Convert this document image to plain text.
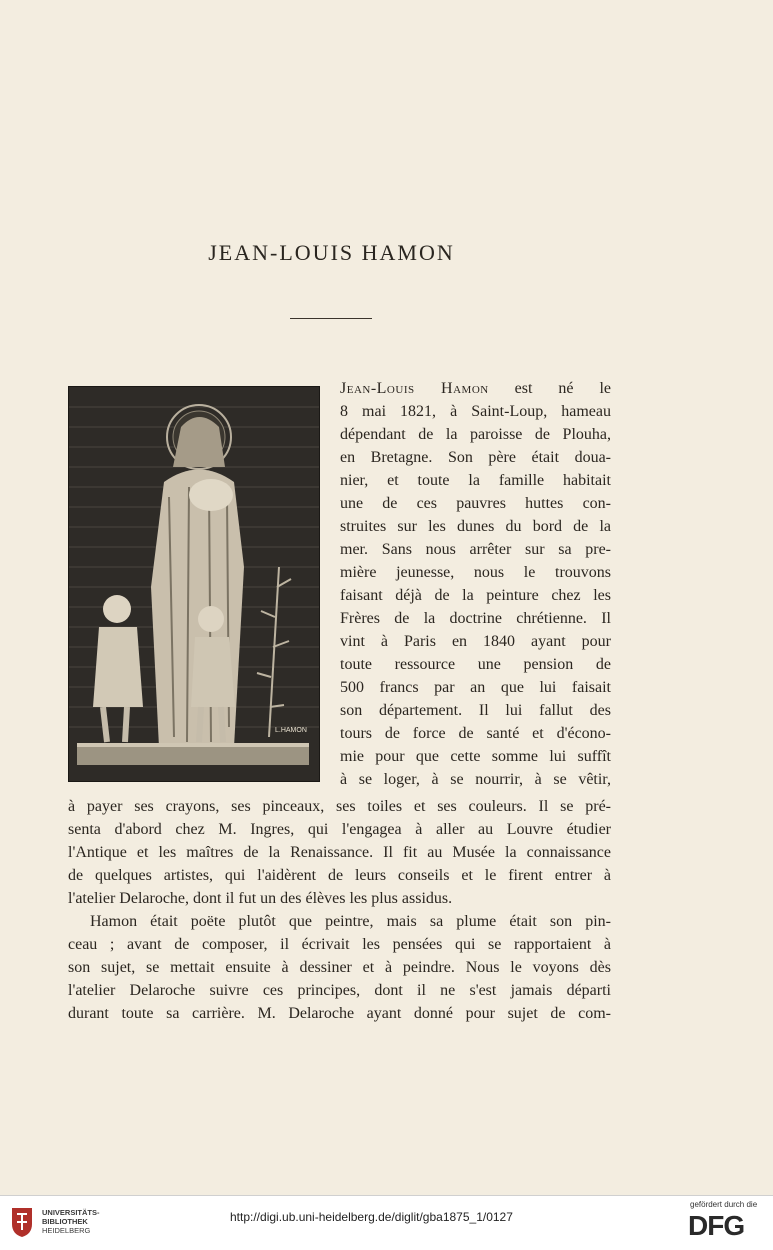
JEAN-LOUIS HAMON
L.HAMON
Jean-Louis Hamon est né le
8 mai 1821, à Saint-Loup, hameau
dépendant de la paroisse de Plouha,
en Bretagne. Son père était doua-
nier, et toute la famille habitait
une de ces pauvres huttes con-
struites sur les dunes du bord de la
mer. Sans nous arrêter sur sa pre-
mière jeunesse, nous le trouvons
faisant déjà de la peinture chez les
Frères de la doctrine chrétienne. Il
vint à Paris en 1840 ayant pour
toute ressource une pension de
500 francs par an que lui faisait
son département. Il lui fallut des
tours de force de santé et d'écono-
mie pour que cette somme lui suffît
à se loger, à se nourrir, à se vêtir,
à payer ses crayons, ses pinceaux, ses toiles et ses couleurs. Il se pré-
senta d'abord chez M. Ingres, qui l'engagea à aller au Louvre étudier
l'Antique et les maîtres de la Renaissance. Il fit au Musée la connaissance
de quelques artistes, qui l'aidèrent de leurs conseils et le firent entrer à
l'atelier Delaroche, dont il fut un des élèves les plus assidus.
Hamon était poëte plutôt que peintre, mais sa plume était son pin-
ceau ; avant de composer, il écrivait les pensées qui se rapportaient à
son sujet, se mettait ensuite à dessiner et à peindre. Nous le voyons dès
l'atelier Delaroche suivre ces principes, dont il ne s'est jamais départi
durant toute sa carrière. M. Delaroche ayant donné pour sujet de com-
UNIVERSITÄTS-
BIBLIOTHEK
HEIDELBERG
http://digi.ub.uni-heidelberg.de/diglit/gba1875_1/0127
gefördert durch die
DFG
